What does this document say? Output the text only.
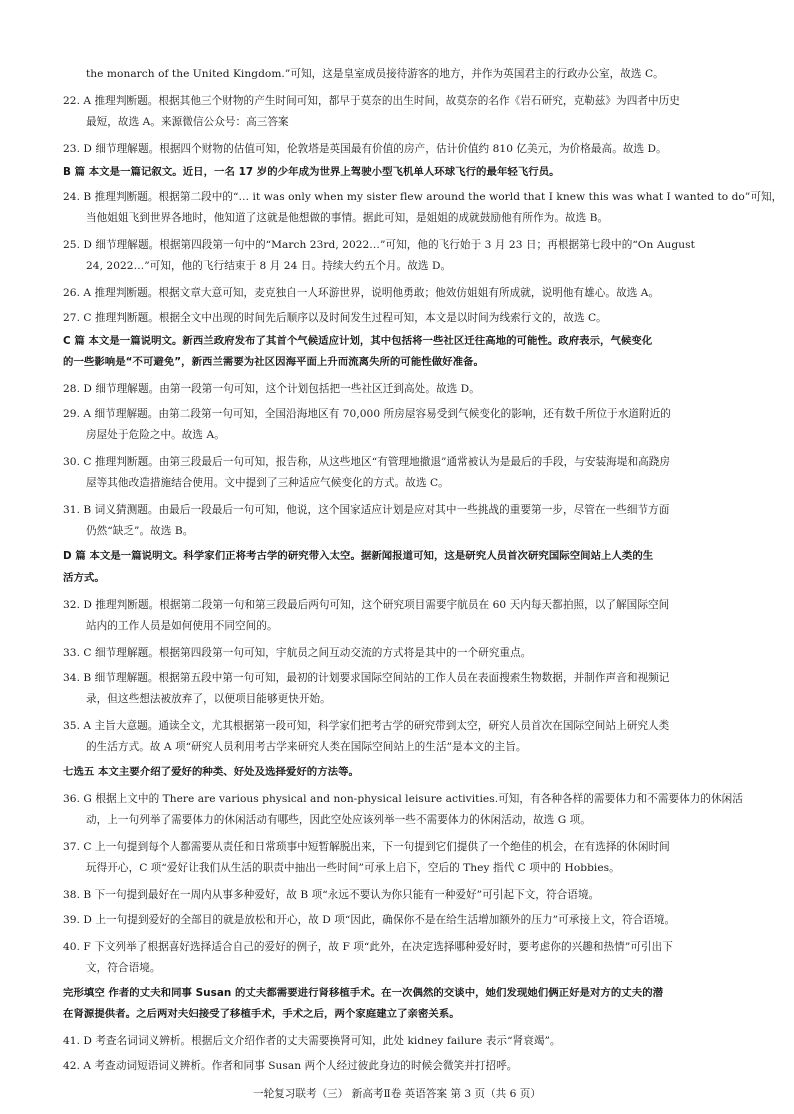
the monarch of the United Kingdom.”可知，这是皇室成员接待游客的地方，并作为英国君主的行政办公室，故选 C。
22. A 推理判断题。根据其他三个财物的产生时间可知，都早于莫奈的出生时间，故莫奈的名作《岩石研究，克勒兹》为四者中历史
最短，故选 A。来源微信公众号：高三答案
23. D 细节理解题。根据四个财物的估值可知，伦敦塔是英国最有价值的房产，估计价值约 810 亿美元，为价格最高。故选 D。
B 篇 本文是一篇记叙文。近日，一名 17 岁的少年成为世界上驾驶小型飞机单人环球飞行的最年轻飞行员。
24. B 推理判断题。根据第二段中的“… it was only when my sister flew around the world that I knew this was what I wanted to do”可知，
当他姐姐飞到世界各地时，他知道了这就是他想做的事情。据此可知，是姐姐的成就鼓励他有所作为。故选 B。
25. D 细节理解题。根据第四段第一句中的“March 23rd, 2022…”可知，他的飞行始于 3 月 23 日；再根据第七段中的“On August
24, 2022…”可知，他的飞行结束于 8 月 24 日。持续大约五个月。故选 D。
26. A 推理判断题。根据文章大意可知，麦克独自一人环游世界，说明他勇敢；他效仿姐姐有所成就，说明他有雄心。故选 A。
27. C 推理判断题。根据全文中出现的时间先后顺序以及时间发生过程可知，本文是以时间为线索行文的，故选 C。
C 篇 本文是一篇说明文。新西兰政府发布了其首个气候适应计划，其中包括将一些社区迁往高地的可能性。政府表示，气候变化
的一些影响是“不可避免”，新西兰需要为社区因海平面上升而流离失所的可能性做好准备。
28. D 细节理解题。由第一段第一句可知，这个计划包括把一些社区迁到高处。故选 D。
29. A 细节理解题。由第二段第一句可知，全国沿海地区有 70,000 所房屋容易受到气候变化的影响，还有数千所位于水道附近的
房屋处于危险之中。故选 A。
30. C 推理判断题。由第三段最后一句可知，报告称，从这些地区“有管理地撤退”通常被认为是最后的手段，与安装海堤和高跷房
屋等其他改造措施结合使用。文中提到了三种适应气候变化的方式。故选 C。
31. B 词义猜测题。由最后一段最后一句可知，他说，这个国家适应计划是应对其中一些挑战的重要第一步，尽管在一些细节方面
仍然“缺乏”。故选 B。
D 篇 本文是一篇说明文。科学家们正将考古学的研究带入太空。据新闻报道可知，这是研究人员首次研究国际空间站上人类的生
活方式。
32. D 推理判断题。根据第二段第一句和第三段最后两句可知，这个研究项目需要宇航员在 60 天内每天都拍照，以了解国际空间
站内的工作人员是如何使用不同空间的。
33. C 细节理解题。根据第四段第一句可知，宇航员之间互动交流的方式将是其中的一个研究重点。
34. B 细节理解题。根据第五段中第一句可知，最初的计划要求国际空间站的工作人员在表面搜索生物数据，并制作声音和视频记
录，但这些想法被放弃了，以便项目能够更快开始。
35. A 主旨大意题。通读全文，尤其根据第一段可知，科学家们把考古学的研究带到太空，研究人员首次在国际空间站上研究人类
的生活方式。故 A 项“研究人员利用考古学来研究人类在国际空间站上的生活”是本文的主旨。
七选五 本文主要介绍了爱好的种类、好处及选择爱好的方法等。
36. G 根据上文中的 There are various physical and non-physical leisure activities.可知，有各种各样的需要体力和不需要体力的休闲活
动，上一句列举了需要体力的休闲活动有哪些，因此空处应该列举一些不需要体力的休闲活动，故选 G 项。
37. C 上一句提到每个人都需要从责任和日常琐事中短暂解脱出来，下一句提到它们提供了一个绝佳的机会，在有选择的休闲时间
玩得开心，C 项“爱好让我们从生活的职责中抽出一些时间”可承上启下，空后的 They 指代 C 项中的 Hobbies。
38. B 下一句提到最好在一周内从事多种爱好，故 B 项“永远不要认为你只能有一种爱好”可引起下文，符合语境。
39. D 上一句提到爱好的全部目的就是放松和开心，故 D 项“因此，确保你不是在给生活增加额外的压力”可承接上文，符合语境。
40. F 下文列举了根据喜好选择适合自己的爱好的例子，故 F 项“此外，在决定选择哪种爱好时，要考虑你的兴趣和热情”可引出下
文，符合语境。
完形填空 作者的丈夫和同事 Susan 的丈夫都需要进行肾移植手术。在一次偶然的交谈中，她们发现她们俩正好是对方的丈夫的潜
在肾源提供者。之后两对夫妇接受了移植手术，手术之后，两个家庭建立了亲密关系。
41. D 考查名词词义辨析。根据后文介绍作者的丈夫需要换肾可知，此处 kidney failure 表示“肾衰竭”。
42. A 考查动词短语词义辨析。作者和同事 Susan 两个人经过彼此身边的时候会微笑并打招呼。
一轮复习联考（三） 新高考Ⅱ卷 英语答案 第 3 页（共 6 页）
